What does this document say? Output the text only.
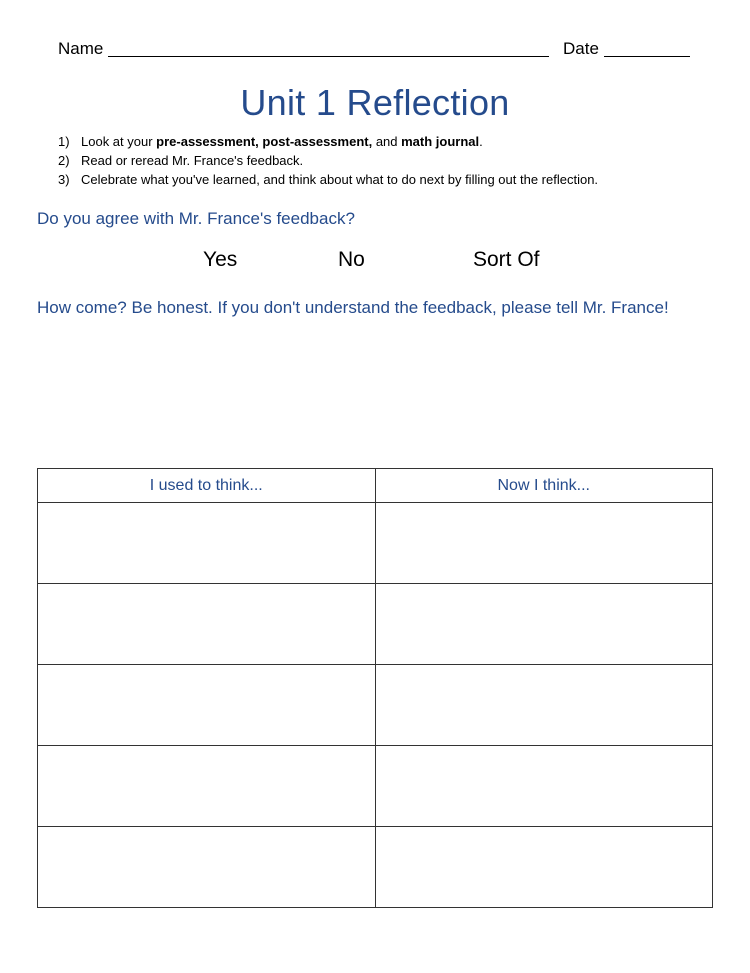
Name	Date
Unit 1 Reflection
1) Look at your pre-assessment, post-assessment, and math journal.
2) Read or reread Mr. France's feedback.
3) Celebrate what you've learned, and think about what to do next by filling out the reflection.
Do you agree with Mr. France's feedback?
Yes	No	Sort Of
How come? Be honest. If you don't understand the feedback, please tell Mr. France!
I used to think...	Now I think...
